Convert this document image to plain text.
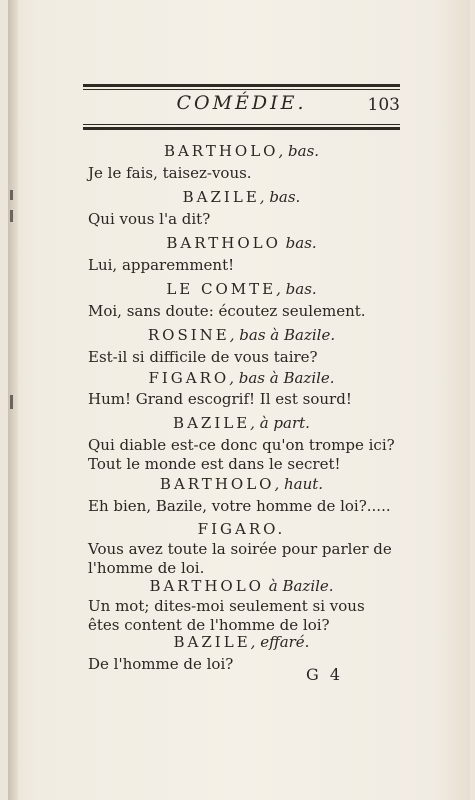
COMÉDIE.	103
BARTHOLO, bas.
Je le fais, taisez-vous.
BAZILE, bas.
Qui vous l'a dit?
BARTHOLO bas.
Lui, apparemment!
LE COMTE, bas.
Moi, sans doute: écoutez seulement.
ROSINE, bas à Bazile.
Est-il si difficile de vous taire?
FIGARO, bas à Bazile.
Hum! Grand escogrif! Il est sourd!
BAZILE, à part.
Qui diable est-ce donc qu'on trompe ici? Tout le monde est dans le secret!
BARTHOLO, haut.
Eh bien, Bazile, votre homme de loi?.....
FIGARO.
Vous avez toute la soirée pour parler de l'homme de loi.
BARTHOLO à Bazile.
Un mot; dites-moi seulement si vous êtes content de l'homme de loi?
BAZILE, effaré.
De l'homme de loi?
G 4
